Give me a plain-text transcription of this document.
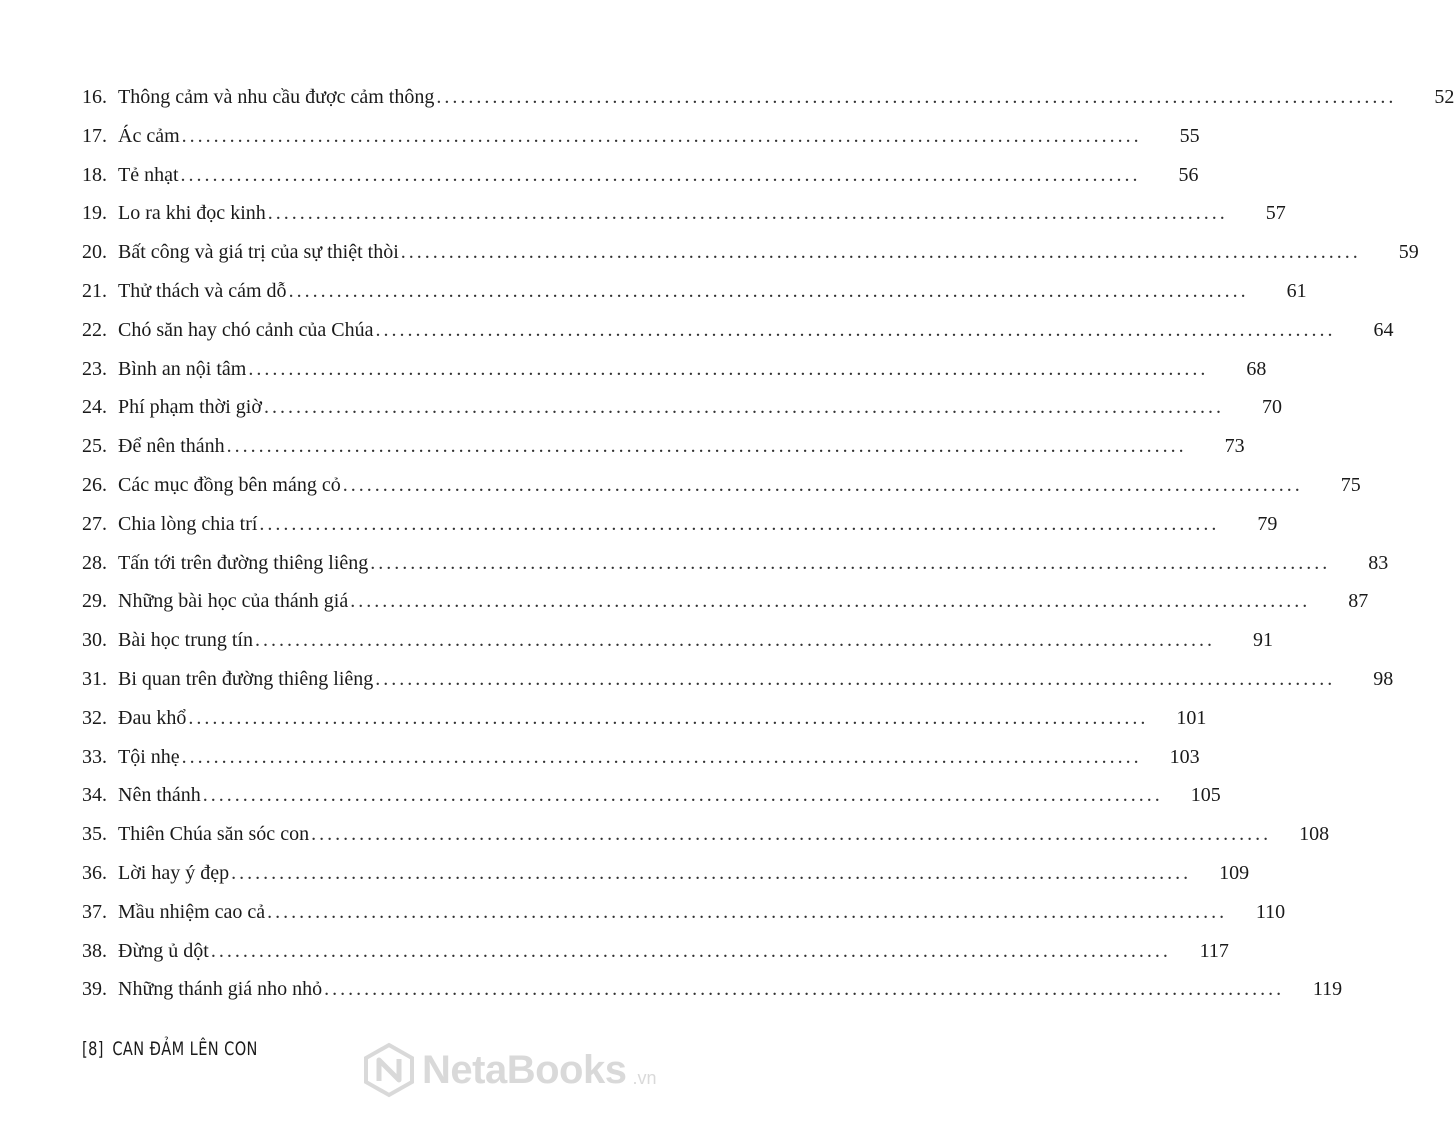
16. Thông cảm và nhu cầu được cảm thông ........................................................................................................................	52
17. Ác cảm ........................................................................................................................	55
18. Tẻ nhạt ........................................................................................................................	56
19. Lo ra khi đọc kinh ........................................................................................................................	57
20. Bất công và giá trị của sự thiệt thòi ........................................................................................................................	59
21. Thử thách và cám dỗ ........................................................................................................................	61
22. Chó săn hay chó cảnh của Chúa ........................................................................................................................	64
23. Bình an nội tâm ........................................................................................................................	68
24. Phí phạm thời giờ ........................................................................................................................	70
25. Để nên thánh ........................................................................................................................	73
26. Các mục đồng bên máng cỏ ........................................................................................................................	75
27. Chia lòng chia trí ........................................................................................................................	79
28. Tấn tới trên đường thiêng liêng ........................................................................................................................	83
29. Những bài học của thánh giá ........................................................................................................................	87
30. Bài học trung tín ........................................................................................................................	91
31. Bi quan trên đường thiêng liêng ........................................................................................................................	98
32. Đau khổ ........................................................................................................................	101
33. Tội nhẹ ........................................................................................................................	103
34. Nên thánh ........................................................................................................................	105
35. Thiên Chúa săn sóc con ........................................................................................................................	108
36. Lời hay ý đẹp ........................................................................................................................	109
37. Mầu nhiệm cao cả ........................................................................................................................	110
38. Đừng ủ dột ........................................................................................................................	117
39. Những thánh giá nho nhỏ ........................................................................................................................	119
[8] CAN ĐẢM LÊN CON	NetaBooks .vn
